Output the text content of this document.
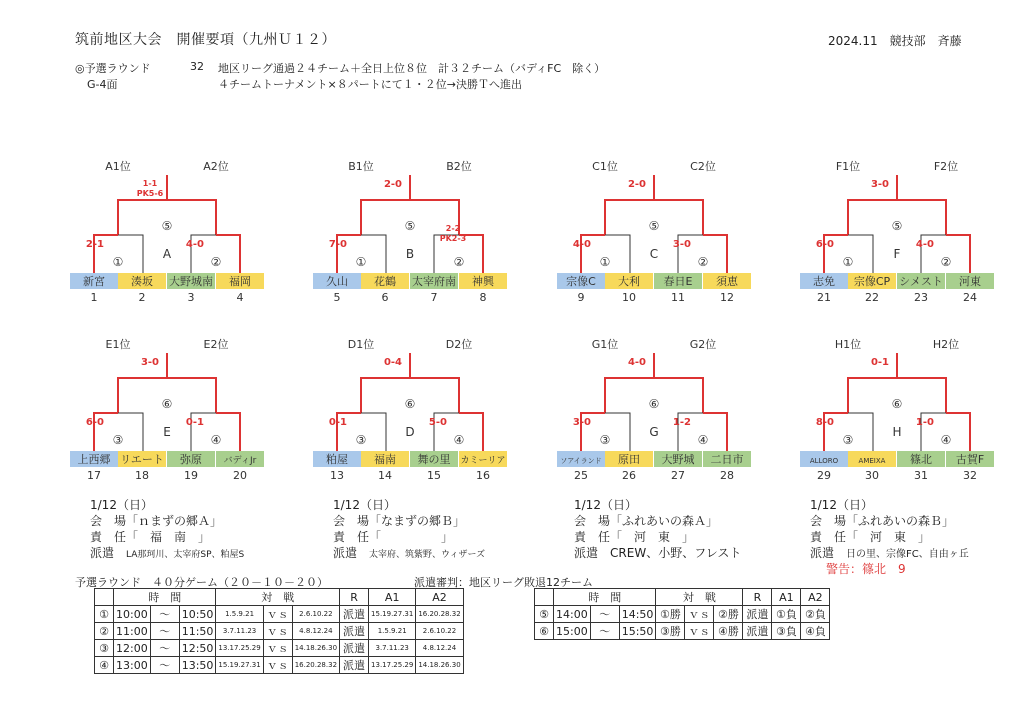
筑前地区大会　開催要項（九州Ｕ１２）	2024.11　競技部　斉藤
◎予選ラウンド	32 地区リーグ通過２４チーム＋全日上位８位　計３２チーム（バディFC　除く）
G-4面	４チームトーナメント×８パートにて１・２位→決勝Ｔへ進出
A1位	A2位
1-1
PK5-6
2-1	4-0
⑤
①	②
A
新宮
1
湊坂
2
大野城南
3
福岡
4
B1位	B2位
2-0
7-0
2-2
PK2-3
⑤
①	②
B
久山
5
花鶴
6
太宰府南
7
神興
8
C1位	C2位
2-0
4-0	3-0
⑤
①	②
C
宗像C
9
大利
10
春日E
11
須恵
12
F1位	F2位
3-0
6-0	4-0
⑤
①	②
F
志免
21
宗像CP
22
シメスト
23
河東
24
E1位	E2位
3-0
6-0	0-1
⑥
③	④
E
上西郷
17
リエート
18
弥原
19
バディJr
20
D1位	D2位
0-4
0-1	5-0
⑥
③	④
D
粕屋
13
福南
14
舞の里
15
カミーリア
16
G1位	G2位
4-0
3-0	1-2
⑥
③	④
G
ソアイランド
25
原田
26
大野城
27
二日市
28
H1位	H2位
0-1
8-0	1-0
⑥
③	④
H
ALLORO
29
AMEIXA
30
篠北
31
古賀F
32
1/12（日）
会　場「ｎまずの郷Ａ」
責　任「　福　南　」
派遣　 LA那珂川、太宰府SP、粕屋S
1/12（日）
会　場「なまずの郷Ｂ」
責　任「　　　　　」
派遣　 太宰府、筑紫野、ウィザーズ
1/12（日）
会　場「ふれあいの森Ａ」
責　任「　河　東　」
派遣　 CREW、小野、フレスト
1/12（日）
会　場「ふれあいの森Ｂ」
責　任「　河　東　」
派遣　 日の里、宗像FC、自由ヶ丘
警告：篠北　9
予選ラウンド　４０分ゲーム（２０－１０－２０）	派遣審判：地区リーグ敗退12チーム
	時　間			対　戦			R	A1	A2
①	10:00	～	10:50	1.5.9.21	ｖｓ	2.6.10.22	派遣	15.19.27.31	16.20.28.32
②	11:00	～	11:50	3.7.11.23	ｖｓ	4.8.12.24	派遣	1.5.9.21	2.6.10.22
③	12:00	～	12:50	13.17.25.29	ｖｓ	14.18.26.30	派遣	3.7.11.23	4.8.12.24
④	13:00	～	13:50	15.19.27.31	ｖｓ	16.20.28.32	派遣	13.17.25.29	14.18.26.30
	時　間			対　戦			R	A1	A2
⑤	14:00	～	14:50	①勝	ｖｓ	②勝	派遣	①負	②負
⑥	15:00	～	15:50	③勝	ｖｓ	④勝	派遣	③負	④負
